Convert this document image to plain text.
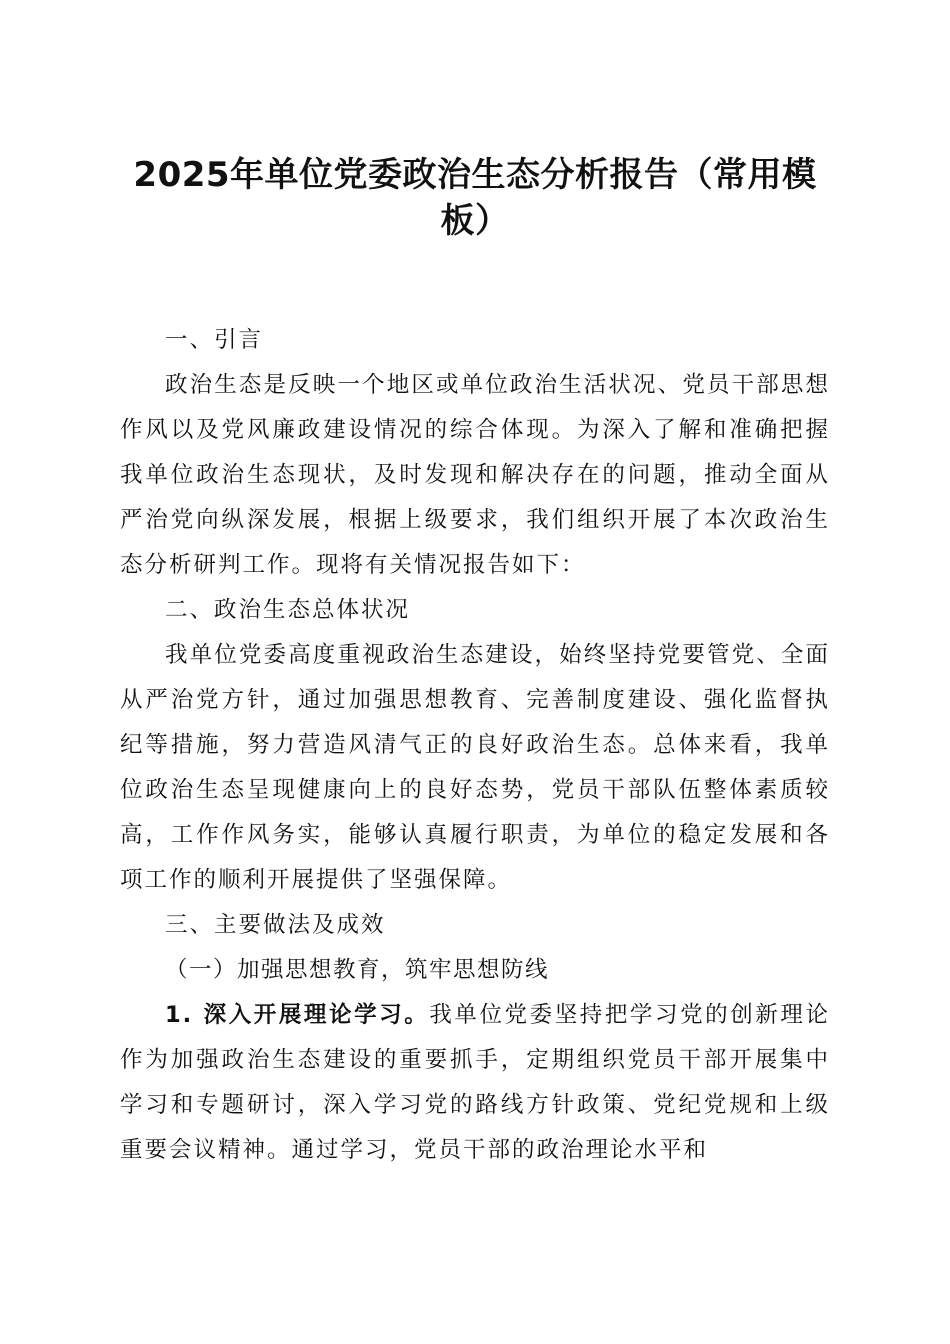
2025年单位党委政治生态分析报告（常用模板）

一、引言

政治生态是反映一个地区或单位政治生活状况、党员干部思想作风以及党风廉政建设情况的综合体现。为深入了解和准确把握我单位政治生态现状，及时发现和解决存在的问题，推动全面从严治党向纵深发展，根据上级要求，我们组织开展了本次政治生态分析研判工作。现将有关情况报告如下：

二、政治生态总体状况

我单位党委高度重视政治生态建设，始终坚持党要管党、全面从严治党方针，通过加强思想教育、完善制度建设、强化监督执纪等措施，努力营造风清气正的良好政治生态。总体来看，我单位政治生态呈现健康向上的良好态势，党员干部队伍整体素质较高，工作作风务实，能够认真履行职责，为单位的稳定发展和各项工作的顺利开展提供了坚强保障。

三、主要做法及成效

（一）加强思想教育，筑牢思想防线

1. 深入开展理论学习。我单位党委坚持把学习党的创新理论作为加强政治生态建设的重要抓手，定期组织党员干部开展集中学习和专题研讨，深入学习党的路线方针政策、党纪党规和上级重要会议精神。通过学习，党员干部的政治理论水平和
